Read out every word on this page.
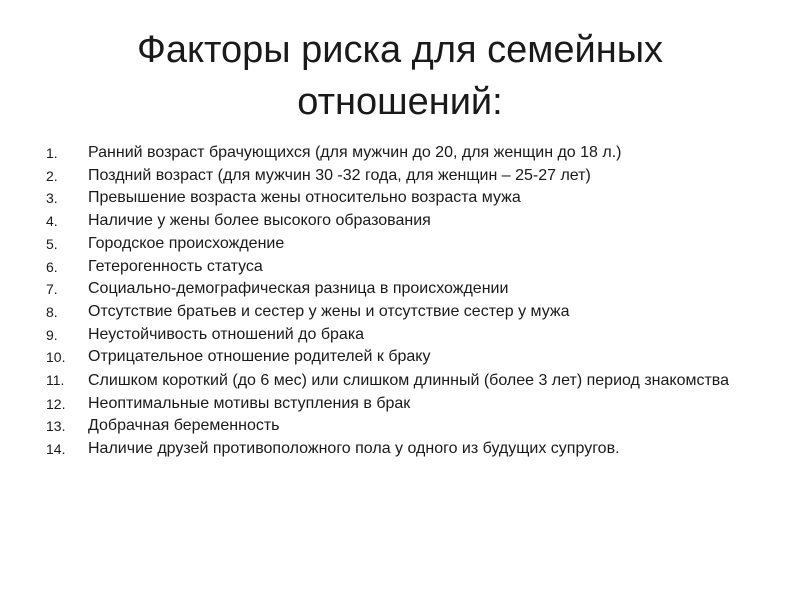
Факторы риска для семейных
отношений:
1.	Ранний возраст брачующихся (для мужчин до 20, для женщин до 18 л.)
2.	Поздний возраст (для мужчин 30 -32 года, для женщин – 25-27 лет)
3.	Превышение возраста жены относительно возраста мужа
4.	Наличие у жены более высокого образования
5.	Городское происхождение
6.	Гетерогенность статуса
7.	Социально-демографическая разница в происхождении
8.	Отсутствие братьев и сестер у жены и отсутствие сестер у мужа
9.	Неустойчивость отношений до брака
10.	Отрицательное отношение родителей к браку
11. Слишком короткий (до 6 мес) или слишком длинный (более 3 лет) период знакомства
12.	Неоптимальные мотивы вступления в брак
13.	Добрачная беременность
14.	Наличие друзей противоположного пола у одного из будущих супругов.
